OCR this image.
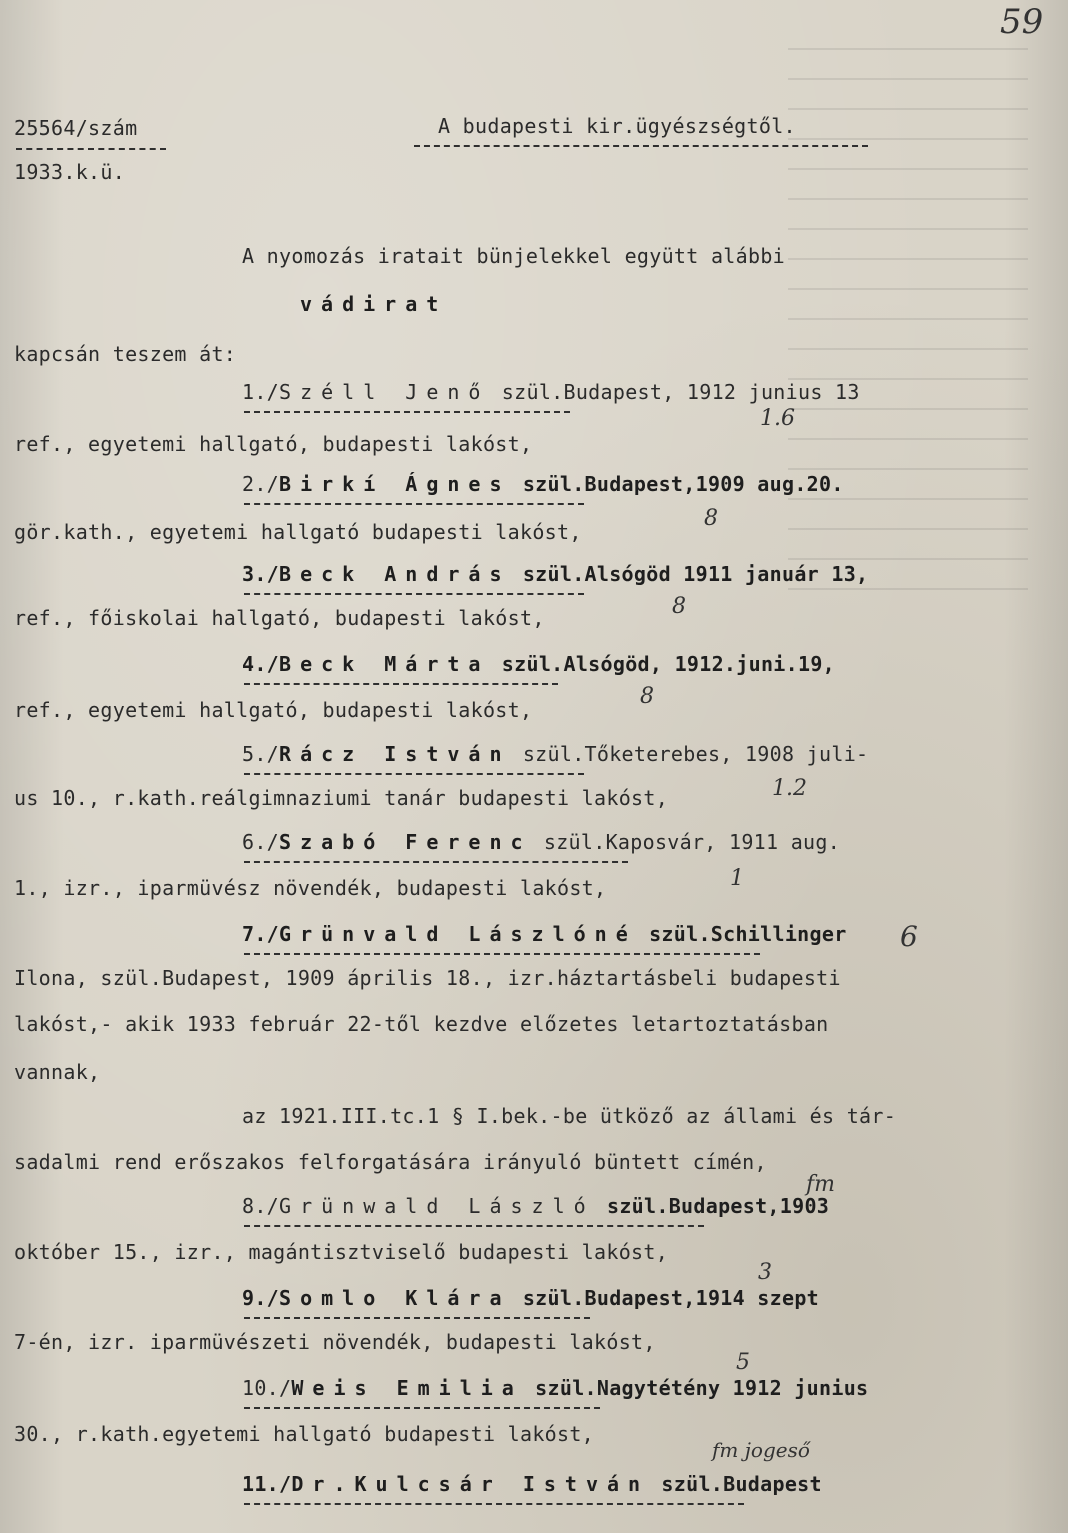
59
25564/szám
1933.k.ü.
A budapesti kir.ügyészségtől.
A nyomozás iratait bünjelekkel együtt alábbi
vádirat
kapcsán teszem át:
1./Széll Jenő szül.Budapest, 1912 junius 13
ref., egyetemi hallgató, budapesti lakóst,
1.6
2./Birkí Ágnes szül.Budapest,1909 aug.20.
gör.kath., egyetemi hallgató budapesti lakóst,
8
3./Beck András szül.Alsógöd 1911 január 13,
ref., főiskolai hallgató, budapesti lakóst,	8
4./Beck Márta szül.Alsógöd, 1912.juni.19,
ref., egyetemi hallgató, budapesti lakóst,
8
5./Rácz István szül.Tőketerebes, 1908 juli-
us 10., r.kath.reálgimnaziumi tanár budapesti lakóst,	1.2
6./Szabó Ferenc szül.Kaposvár, 1911 aug.
1., izr., iparmüvész növendék, budapesti lakóst,	1
7./Grünvald Lászlóné szül.Schillinger
Ilona, szül.Budapest, 1909 április 18., izr.háztartásbeli budapesti
lakóst,- akik 1933 február 22-től kezdve előzetes letartoztatásban
vannak,
6
az 1921.III.tc.1 § I.bek.-be ütköző az állami és tár-
sadalmi rend erőszakos felforgatására irányuló büntett címén,
8./Grünwald László szül.Budapest,1903
október 15., izr., magántisztviselő budapesti lakóst,
fm
9./Somlo Klára szül.Budapest,1914 szept
7-én, izr. iparmüvészeti növendék, budapesti lakóst,
3
10./Weis Emilia szül.Nagytétény 1912 junius
30., r.kath.egyetemi hallgató budapesti lakóst,
5
11./Dr.Kulcsár István szül.Budapest
fm jogeső
